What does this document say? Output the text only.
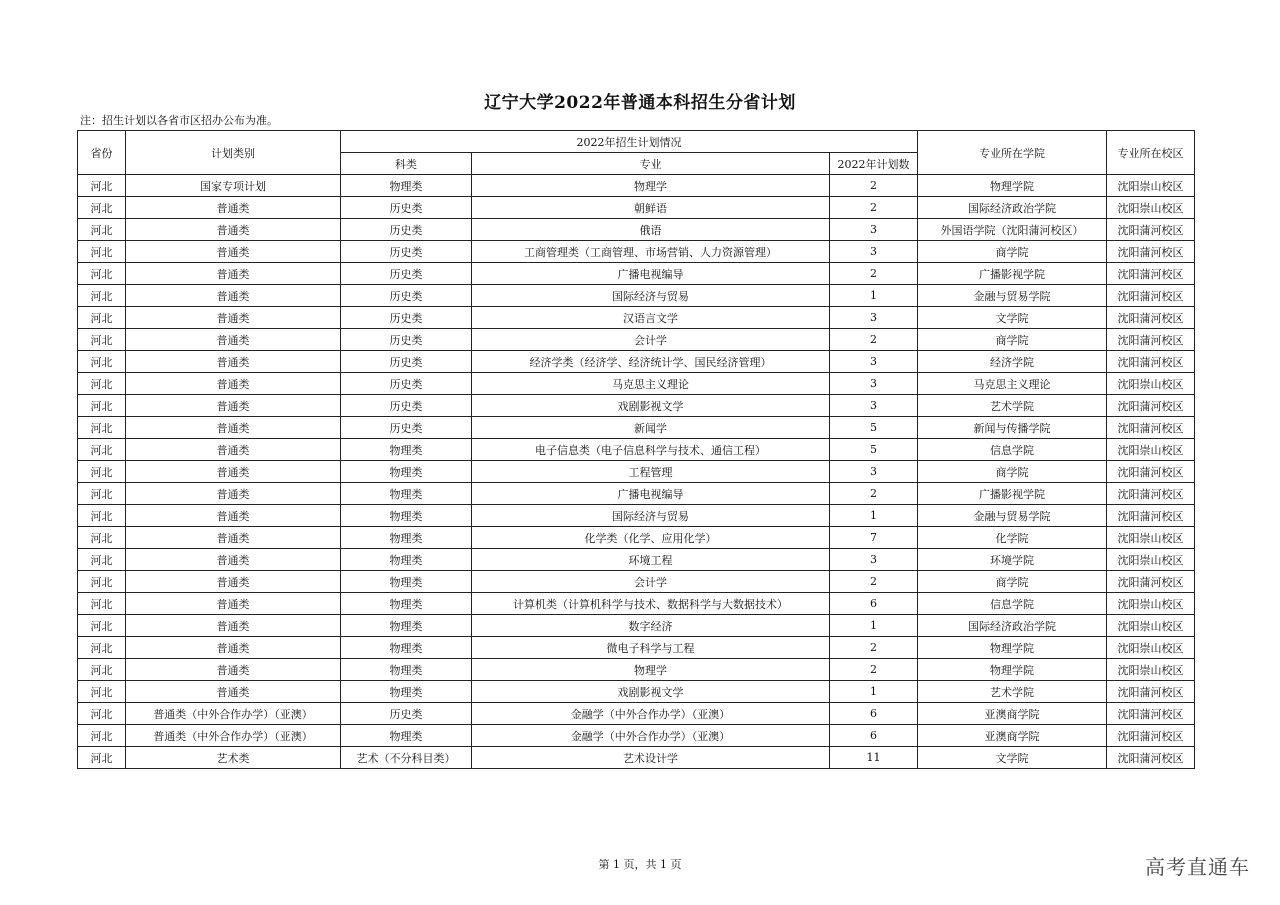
辽宁大学2022年普通本科招生分省计划
注：招生计划以各省市区招办公布为准。
省份	计划类别	2022年招生计划情况			专业所在学院	专业所在校区
		科类	专业	2022年计划数		
河北	国家专项计划	物理类	物理学	2	物理学院	沈阳崇山校区
河北	普通类	历史类	朝鲜语	2	国际经济政治学院	沈阳崇山校区
河北	普通类	历史类	俄语	3	外国语学院（沈阳蒲河校区）	沈阳蒲河校区
河北	普通类	历史类	工商管理类（工商管理、市场营销、人力资源管理）	3	商学院	沈阳蒲河校区
河北	普通类	历史类	广播电视编导	2	广播影视学院	沈阳蒲河校区
河北	普通类	历史类	国际经济与贸易	1	金融与贸易学院	沈阳蒲河校区
河北	普通类	历史类	汉语言文学	3	文学院	沈阳蒲河校区
河北	普通类	历史类	会计学	2	商学院	沈阳蒲河校区
河北	普通类	历史类	经济学类（经济学、经济统计学、国民经济管理）	3	经济学院	沈阳蒲河校区
河北	普通类	历史类	马克思主义理论	3	马克思主义理论	沈阳崇山校区
河北	普通类	历史类	戏剧影视文学	3	艺术学院	沈阳蒲河校区
河北	普通类	历史类	新闻学	5	新闻与传播学院	沈阳蒲河校区
河北	普通类	物理类	电子信息类（电子信息科学与技术、通信工程）	5	信息学院	沈阳崇山校区
河北	普通类	物理类	工程管理	3	商学院	沈阳蒲河校区
河北	普通类	物理类	广播电视编导	2	广播影视学院	沈阳蒲河校区
河北	普通类	物理类	国际经济与贸易	1	金融与贸易学院	沈阳蒲河校区
河北	普通类	物理类	化学类（化学、应用化学）	7	化学院	沈阳崇山校区
河北	普通类	物理类	环境工程	3	环境学院	沈阳崇山校区
河北	普通类	物理类	会计学	2	商学院	沈阳蒲河校区
河北	普通类	物理类	计算机类（计算机科学与技术、数据科学与大数据技术）	6	信息学院	沈阳崇山校区
河北	普通类	物理类	数字经济	1	国际经济政治学院	沈阳崇山校区
河北	普通类	物理类	微电子科学与工程	2	物理学院	沈阳崇山校区
河北	普通类	物理类	物理学	2	物理学院	沈阳崇山校区
河北	普通类	物理类	戏剧影视文学	1	艺术学院	沈阳蒲河校区
河北	普通类（中外合作办学）（亚澳）	历史类	金融学（中外合作办学）（亚澳）	6	亚澳商学院	沈阳蒲河校区
河北	普通类（中外合作办学）（亚澳）	物理类	金融学（中外合作办学）（亚澳）	6	亚澳商学院	沈阳蒲河校区
河北	艺术类	艺术（不分科目类）	艺术设计学	11	文学院	沈阳蒲河校区
第 1 页，共 1 页	高考直通车
